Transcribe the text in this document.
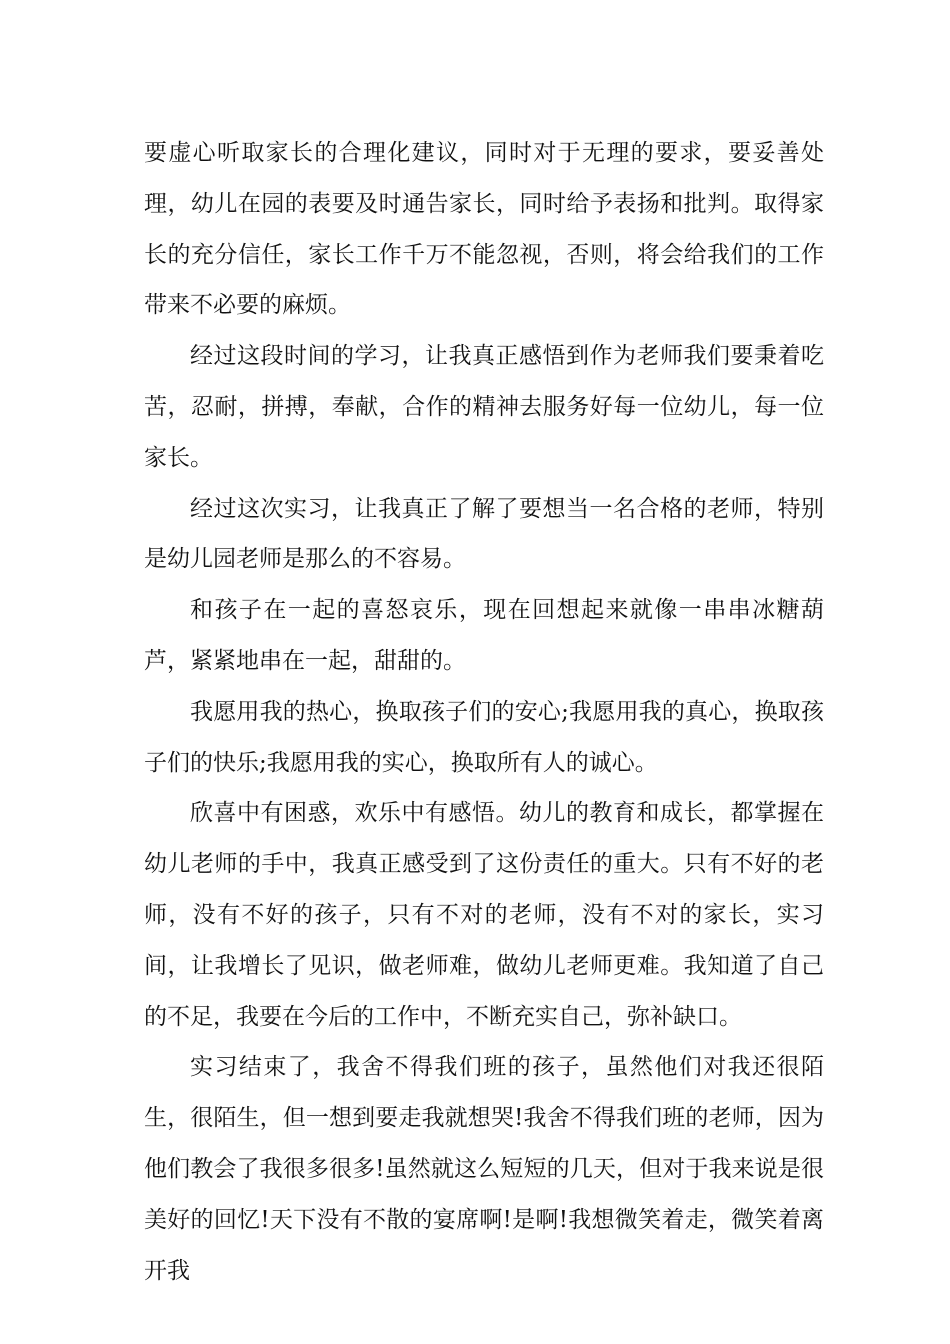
要虚心听取家长的合理化建议，同时对于无理的要求，要妥善处理，幼儿在园的表要及时通告家长，同时给予表扬和批判。取得家长的充分信任，家长工作千万不能忽视，否则，将会给我们的工作带来不必要的麻烦。

经过这段时间的学习，让我真正感悟到作为老师我们要秉着吃苦，忍耐，拼搏，奉献，合作的精神去服务好每一位幼儿，每一位家长。

经过这次实习，让我真正了解了要想当一名合格的老师，特别是幼儿园老师是那么的不容易。

和孩子在一起的喜怒哀乐，现在回想起来就像一串串冰糖葫芦，紧紧地串在一起，甜甜的。

我愿用我的热心，换取孩子们的安心;我愿用我的真心，换取孩子们的快乐;我愿用我的实心，换取所有人的诚心。

欣喜中有困惑，欢乐中有感悟。幼儿的教育和成长，都掌握在幼儿老师的手中，我真正感受到了这份责任的重大。只有不好的老师，没有不好的孩子，只有不对的老师，没有不对的家长，实习间，让我增长了见识，做老师难，做幼儿老师更难。我知道了自己的不足，我要在今后的工作中，不断充实自己，弥补缺口。

实习结束了，我舍不得我们班的孩子，虽然他们对我还很陌生，很陌生，但一想到要走我就想哭!我舍不得我们班的老师，因为他们教会了我很多很多!虽然就这么短短的几天，但对于我来说是很美好的回忆!天下没有不散的宴席啊!是啊!我想微笑着走，微笑着离开我
